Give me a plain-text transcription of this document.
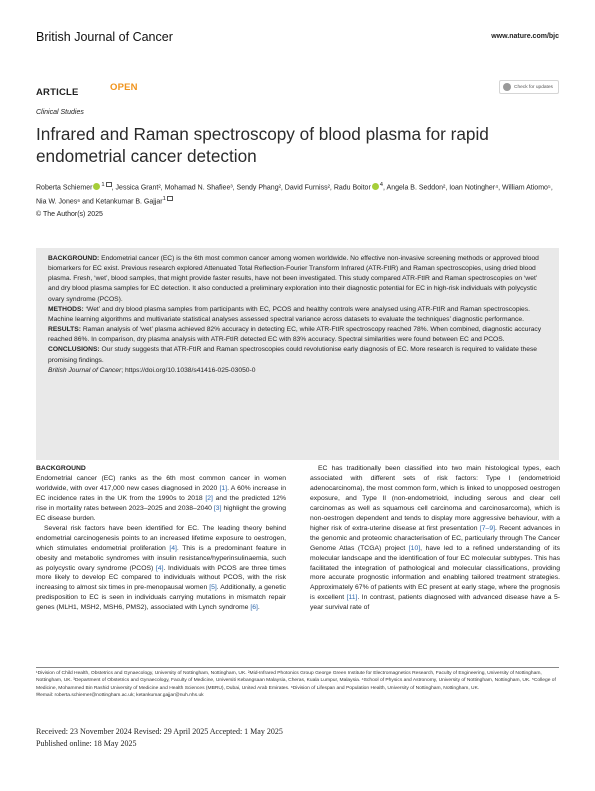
British Journal of Cancer	www.nature.com/bjc
ARTICLE	OPEN	Check for updates
Clinical Studies
Infrared and Raman spectroscopy of blood plasma for rapid endometrial cancer detection
Roberta Schiemer $^1$ , Jessica Grant², Mohamad N. Shafiee³, Sendy Phang², David Furniss², Radu Boitor $^4$, Angela B. Seddon², Ioan Notingher⁴, William Atiomo⁵, Nia W. Jones⁶ and Ketankumar B. Gajjar$^1$
© The Author(s) 2025

BACKGROUND: Endometrial cancer (EC) is the 6th most common cancer among women worldwide. No effective non-invasive screening methods or approved blood biomarkers for EC exist. Previous research explored Attenuated Total Reflection-Fourier Transform Infrared (ATR-FtIR) and Raman spectroscopies, using dried blood plasma. Fresh, ‘wet’, blood samples, that might provide faster results, have not been investigated. This study compared ATR-FtIR and Raman spectroscopies on ‘wet’ and dry blood plasma samples for EC detection. It also conducted a preliminary exploration into their diagnostic potential for EC in high-risk individuals with polycystic ovary syndrome (PCOS).

METHODS: ‘Wet’ and dry blood plasma samples from participants with EC, PCOS and healthy controls were analysed using ATR-FtIR and Raman spectroscopies. Machine learning algorithms and multivariate statistical analyses assessed spectral variance across datasets to evaluate the techniques’ diagnostic performance.

RESULTS: Raman analysis of ‘wet’ plasma achieved 82% accuracy in detecting EC, while ATR-FtIR spectroscopy reached 78%. When combined, diagnostic accuracy reached 86%. In comparison, dry plasma analysis with ATR-FtIR detected EC with 83% accuracy. Spectral similarities were found between EC and PCOS.

CONCLUSIONS: Our study suggests that ATR-FtIR and Raman spectroscopies could revolutionise early diagnosis of EC. More research is required to validate these promising findings.

British Journal of Cancer; https://doi.org/10.1038/s41416-025-03050-0

BACKGROUND

Endometrial cancer (EC) ranks as the 6th most common cancer in women worldwide, with over 417,000 new cases diagnosed in 2020 [1]. A 60% increase in EC incidence rates in the UK from the 1990s to 2018 [2] and the predicted 12% rise in mortality rates between 2023–2025 and 2038–2040 [3] highlight the growing EC disease burden.

Several risk factors have been identified for EC. The leading theory behind endometrial carcinogenesis points to an increased lifetime exposure to oestrogen, which stimulates endometrial proliferation [4]. This is a predominant feature in obesity and metabolic syndromes with insulin resistance/hyperinsulinaemia, such as polycystic ovary syndrome (PCOS) [4]. Individuals with PCOS are three times more likely to develop EC compared to individuals without PCOS, with the risk increasing to almost six times in pre-menopausal women [5]. Additionally, a genetic predisposition to EC is seen in individuals carrying mutations in mismatch repair genes (MLH1, MSH2, MSH6, PMS2), associated with Lynch syndrome [6].

EC has traditionally been classified into two main histological types, each associated with different sets of risk factors: Type I (endometrioid adenocarcinoma), the most common form, which is linked to unopposed oestrogen exposure, and Type II (non-endometrioid, including serous and clear cell carcinomas as well as squamous cell carcinoma and carcinosarcoma), which is non-oestrogen dependent and tends to display more aggressive behaviour, with a higher risk of extra-uterine disease at first presentation [7–9]. Recent advances in the genomic and proteomic characterisation of EC, particularly through The Cancer Genome Atlas (TCGA) project [10], have led to a refined understanding of its molecular landscape and the identification of four EC molecular subtypes. This has facilitated the integration of pathological and molecular classifications, providing more accurate prognostic information and enabling tailored treatment strategies. Approximately 67% of patients with EC present at early stage, where the prognosis is excellent [11]. In contrast, patients diagnosed with advanced disease have a 5-year survival rate of

¹Division of Child Health, Obstetrics and Gynaecology, University of Nottingham, Nottingham, UK. ²Mid-Infrared Photonics Group George Green Institute for Electromagnetics Research, Faculty of Engineering, University of Nottingham, Nottingham, UK. ³Department of Obstetrics and Gynaecology, Faculty of Medicine, Universiti Kebangsaan Malaysia, Cheras, Kuala Lumpur, Malaysia. ⁴School of Physics and Astronomy, University of Nottingham, Nottingham, UK. ⁵College of Medicine, Mohammed Bin Rashid University of Medicine and Health Sciences (MBRU), Dubai, United Arab Emirates. ⁶Division of Lifespan and Population Health, University of Nottingham, Nottingham, UK.

✉email: roberta.schiemer@nottingham.ac.uk; ketankumar.gajjar@nuh.nhs.uk

Received: 23 November 2024 Revised: 29 April 2025 Accepted: 1 May 2025
Published online: 18 May 2025
